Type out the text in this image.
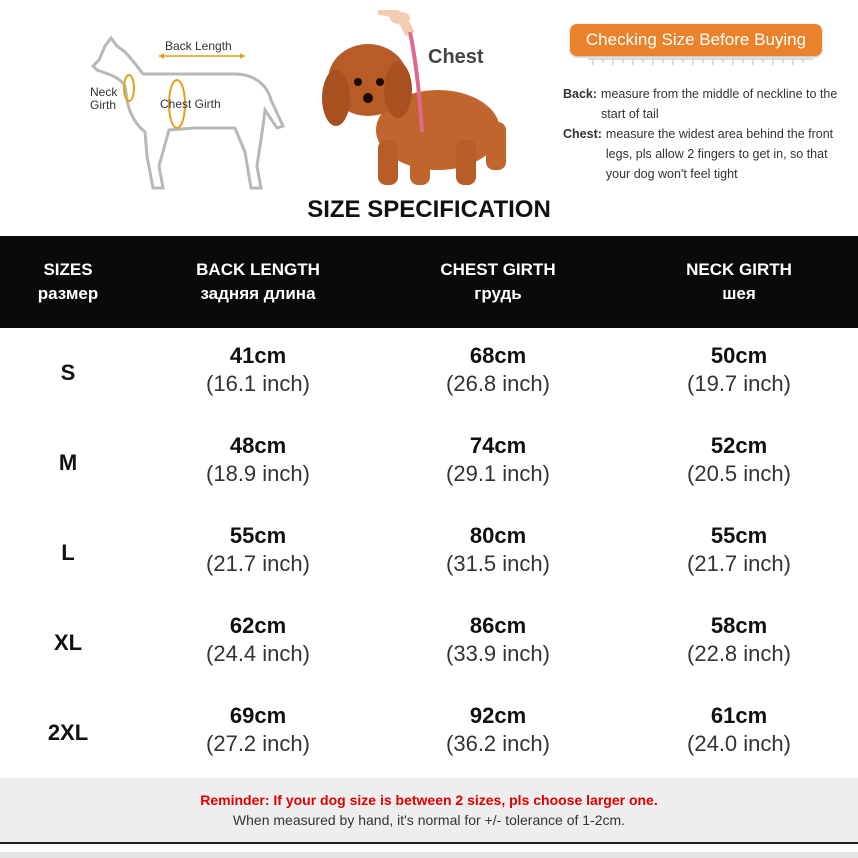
Back Length
Neck
Girth	Chest Girth
Chest
Checking Size Before Buying
Back: measure from the middle of neckline to the start of tail
Chest: measure the widest area behind the front legs, pls allow 2 fingers to get in, so that your dog won't feel tight
SIZE SPECIFICATION
SIZES
размер
BACK LENGTH
задняя длина
CHEST GIRTH
грудь
NECK GIRTH
шея
S
41cm
(16.1 inch)
68cm
(26.8 inch)
50cm
(19.7 inch)
M
48cm
(18.9 inch)
74cm
(29.1 inch)
52cm
(20.5 inch)
L
55cm
(21.7 inch)
80cm
(31.5 inch)
55cm
(21.7 inch)
XL
62cm
(24.4 inch)
86cm
(33.9 inch)
58cm
(22.8 inch)
2XL
69cm
(27.2 inch)
92cm
(36.2 inch)
61cm
(24.0 inch)
Reminder: If your dog size is between 2 sizes, pls choose larger one.
When measured by hand, it's normal for +/- tolerance of 1-2cm.
